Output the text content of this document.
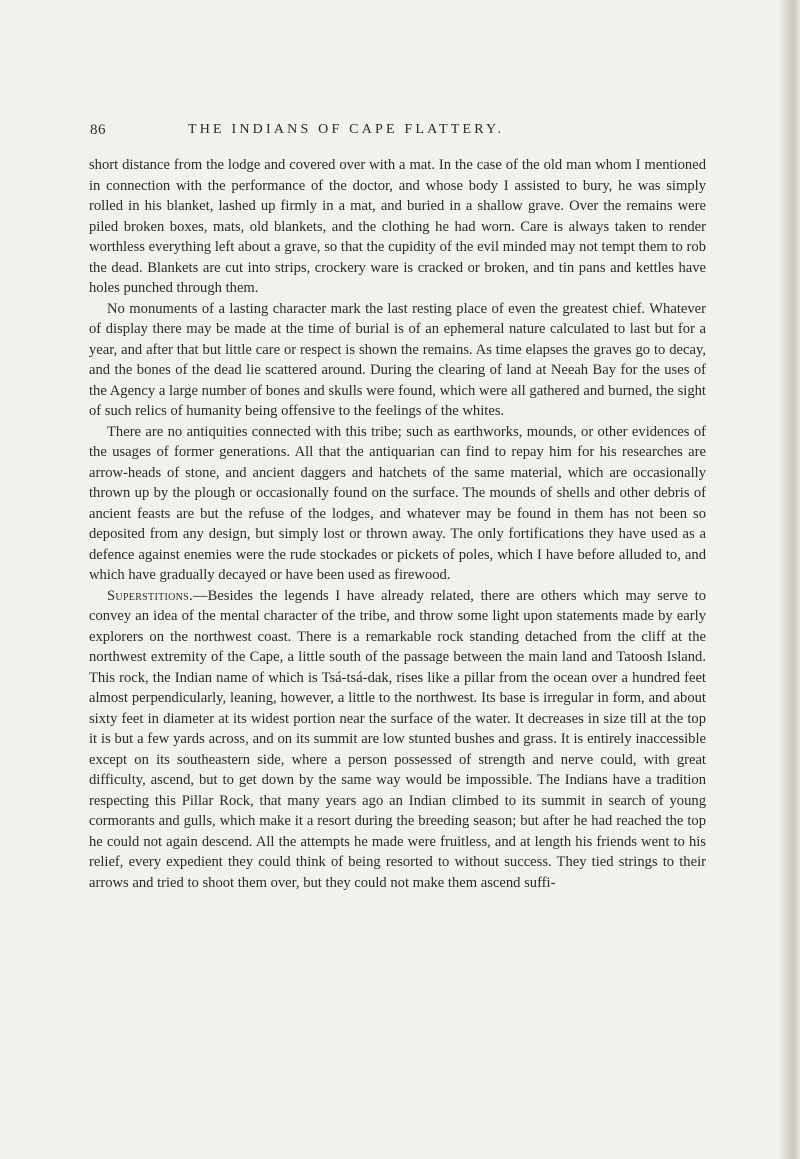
86	THE INDIANS OF CAPE FLATTERY.

short distance from the lodge and covered over with a mat. In the case of the old man whom I mentioned in connection with the performance of the doctor, and whose body I assisted to bury, he was simply rolled in his blanket, lashed up firmly in a mat, and buried in a shallow grave. Over the remains were piled broken boxes, mats, old blankets, and the clothing he had worn. Care is always taken to render worthless everything left about a grave, so that the cupidity of the evil minded may not tempt them to rob the dead. Blankets are cut into strips, crockery ware is cracked or broken, and tin pans and kettles have holes punched through them.

No monuments of a lasting character mark the last resting place of even the greatest chief. Whatever of display there may be made at the time of burial is of an ephemeral nature calculated to last but for a year, and after that but little care or respect is shown the remains. As time elapses the graves go to decay, and the bones of the dead lie scattered around. During the clearing of land at Neeah Bay for the uses of the Agency a large number of bones and skulls were found, which were all gathered and burned, the sight of such relics of humanity being offensive to the feelings of the whites.

There are no antiquities connected with this tribe; such as earthworks, mounds, or other evidences of the usages of former generations. All that the antiquarian can find to repay him for his researches are arrow-heads of stone, and ancient daggers and hatchets of the same material, which are occasionally thrown up by the plough or occasionally found on the surface. The mounds of shells and other debris of ancient feasts are but the refuse of the lodges, and whatever may be found in them has not been so deposited from any design, but simply lost or thrown away. The only fortifications they have used as a defence against enemies were the rude stockades or pickets of poles, which I have before alluded to, and which have gradually decayed or have been used as firewood.

Superstitions.—Besides the legends I have already related, there are others which may serve to convey an idea of the mental character of the tribe, and throw some light upon statements made by early explorers on the northwest coast. There is a remarkable rock standing detached from the cliff at the northwest extremity of the Cape, a little south of the passage between the main land and Tatoosh Island. This rock, the Indian name of which is Tsá-tsá-dak, rises like a pillar from the ocean over a hundred feet almost perpendicularly, leaning, however, a little to the northwest. Its base is irregular in form, and about sixty feet in diameter at its widest portion near the surface of the water. It decreases in size till at the top it is but a few yards across, and on its summit are low stunted bushes and grass. It is entirely inaccessible except on its southeastern side, where a person possessed of strength and nerve could, with great difficulty, ascend, but to get down by the same way would be impossible. The Indians have a tradition respecting this Pillar Rock, that many years ago an Indian climbed to its summit in search of young cormorants and gulls, which make it a resort during the breeding season; but after he had reached the top he could not again descend. All the attempts he made were fruitless, and at length his friends went to his relief, every expedient they could think of being resorted to without success. They tied strings to their arrows and tried to shoot them over, but they could not make them ascend suffi-
